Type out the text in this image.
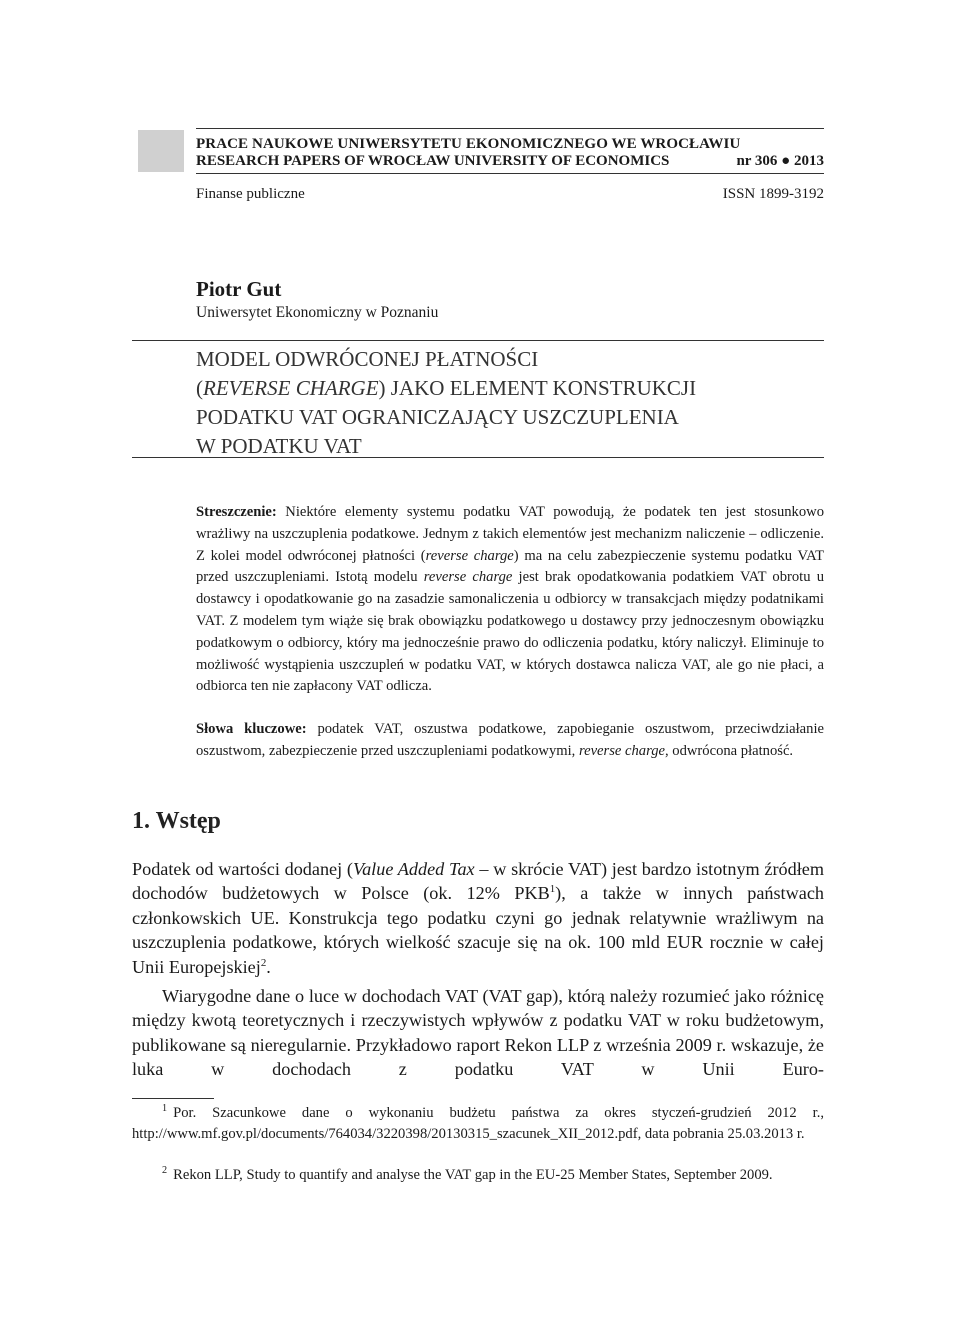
PRACE NAUKOWE UNIWERSYTETU EKONOMICZNEGO WE WROCŁAWIU
RESEARCH PAPERS OF WROCŁAW UNIVERSITY OF ECONOMICS	nr 306 ● 2013
Finanse publiczne	ISSN 1899-3192
Piotr Gut
Uniwersytet Ekonomiczny w Poznaniu
MODEL ODWRÓCONEJ PŁATNOŚCI
(REVERSE CHARGE) JAKO ELEMENT KONSTRUKCJI
PODATKU VAT OGRANICZAJĄCY USZCZUPLENIA
W PODATKU VAT
Streszczenie: Niektóre elementy systemu podatku VAT powodują, że podatek ten jest stosunkowo wrażliwy na uszczuplenia podatkowe. Jednym z takich elementów jest mechanizm naliczenie – odliczenie. Z kolei model odwróconej płatności (reverse charge) ma na celu zabezpieczenie systemu podatku VAT przed uszczupleniami. Istotą modelu reverse charge jest brak opodatkowania podatkiem VAT obrotu u dostawcy i opodatkowanie go na zasadzie samonaliczenia u odbiorcy w transakcjach między podatnikami VAT. Z modelem tym wiąże się brak obowiązku podatkowego u dostawcy przy jednoczesnym obowiązku podatkowym o odbiorcy, który ma jednocześnie prawo do odliczenia podatku, który naliczył. Eliminuje to możliwość wystąpienia uszczupleń w podatku VAT, w których dostawca nalicza VAT, ale go nie płaci, a odbiorca ten nie zapłacony VAT odlicza.
Słowa kluczowe: podatek VAT, oszustwa podatkowe, zapobieganie oszustwom, przeciwdziałanie oszustwom, zabezpieczenie przed uszczupleniami podatkowymi, reverse charge, odwrócona płatność.
1. Wstęp
Podatek od wartości dodanej (Value Added Tax – w skrócie VAT) jest bardzo istotnym źródłem dochodów budżetowych w Polsce (ok. 12% PKB$^1$), a także w innych państwach członkowskich UE. Konstrukcja tego podatku czyni go jednak relatywnie wrażliwym na uszczuplenia podatkowe, których wielkość szacuje się na ok. 100 mld EUR rocznie w całej Unii Europejskiej$^2$.
Wiarygodne dane o luce w dochodach VAT (VAT gap), którą należy rozumieć jako różnicę między kwotą teoretycznych i rzeczywistych wpływów z podatku VAT w roku budżetowym, publikowane są nieregularnie. Przykładowo raport Rekon LLP z września 2009 r. wskazuje, że luka w dochodach z podatku VAT w Unii Euro-
$^1$ Por. Szacunkowe dane o wykonaniu budżetu państwa za okres styczeń-grudzień 2012 r., http://www.mf.gov.pl/documents/764034/3220398/20130315_szacunek_XII_2012.pdf, data pobrania 25.03.2013 r.
$^2$ Rekon LLP, Study to quantify and analyse the VAT gap in the EU-25 Member States, September 2009.
